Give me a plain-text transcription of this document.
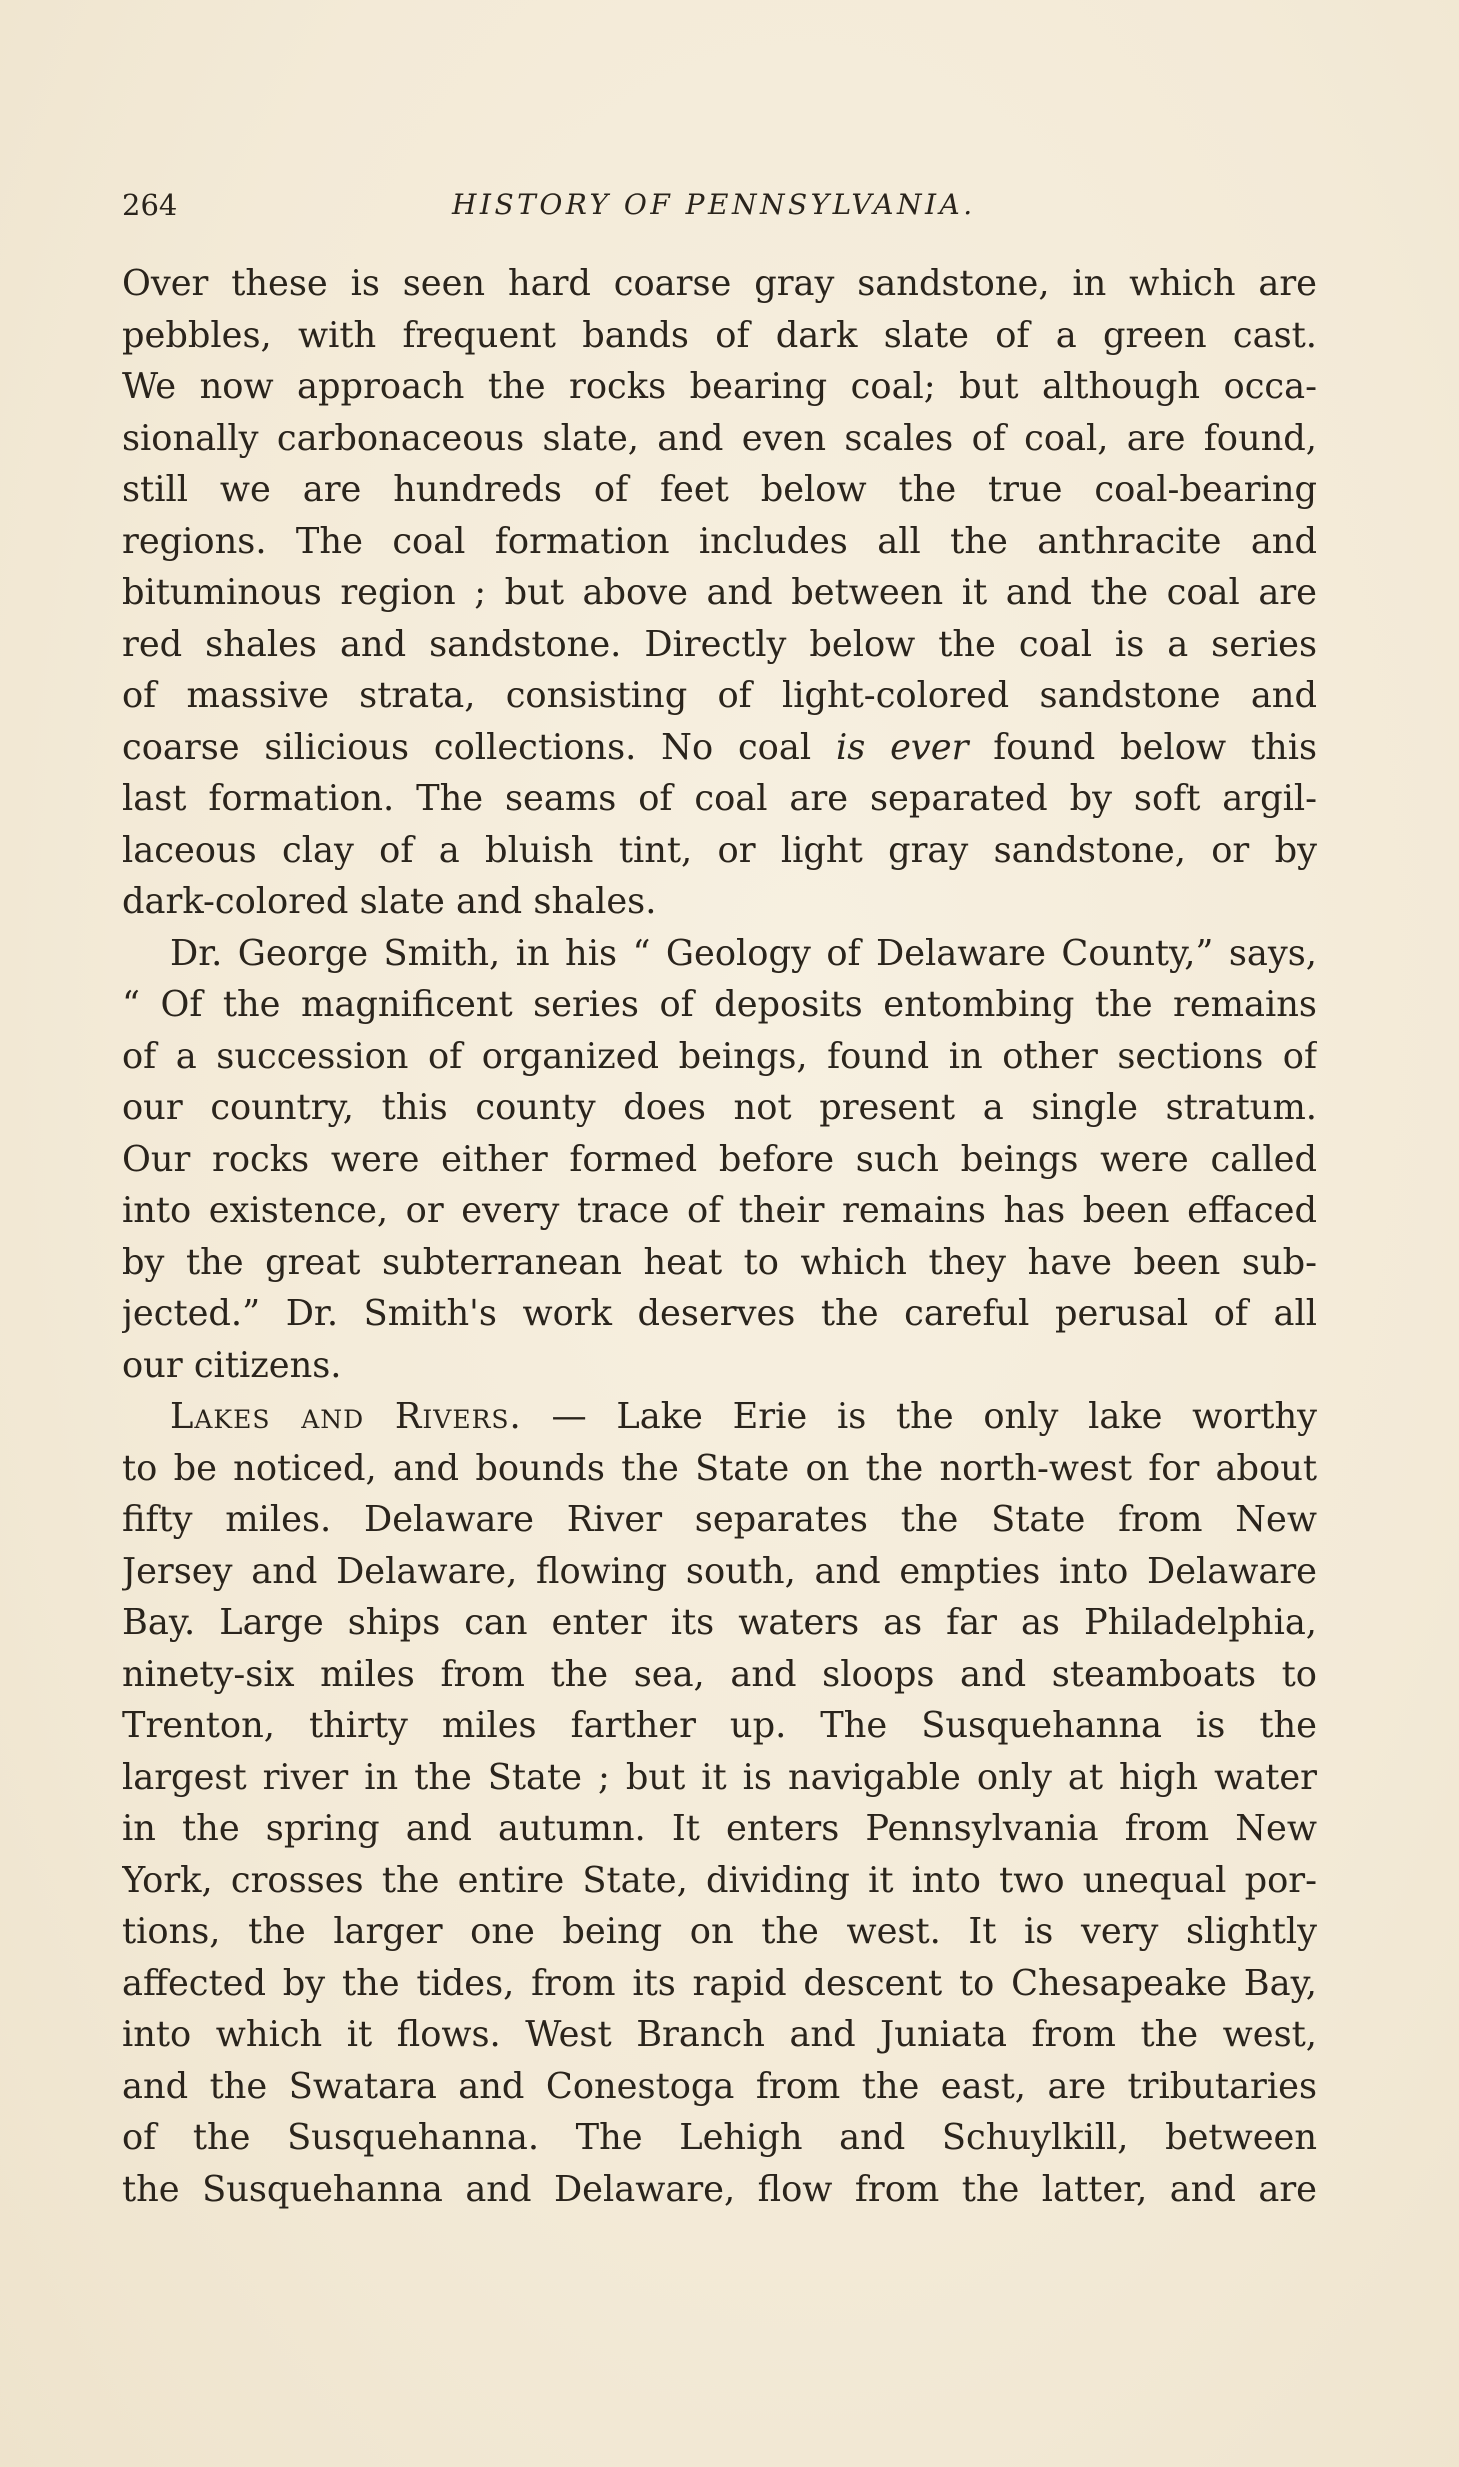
264	HISTORY OF PENNSYLVANIA.
Over these is seen hard coarse gray sandstone, in which are
pebbles, with frequent bands of dark slate of a green cast.
We now approach the rocks bearing coal; but although occa-
sionally carbonaceous slate, and even scales of coal, are found,
still we are hundreds of feet below the true coal-bearing
regions. The coal formation includes all the anthracite and
bituminous region ; but above and between it and the coal are
red shales and sandstone. Directly below the coal is a series
of massive strata, consisting of light-colored sandstone and
coarse silicious collections. No coal is ever found below this
last formation. The seams of coal are separated by soft argil-
laceous clay of a bluish tint, or light gray sandstone, or by
dark-colored slate and shales.
Dr. George Smith, in his “ Geology of Delaware County,” says,
“ Of the magnificent series of deposits entombing the remains
of a succession of organized beings, found in other sections of
our country, this county does not present a single stratum.
Our rocks were either formed before such beings were called
into existence, or every trace of their remains has been effaced
by the great subterranean heat to which they have been sub-
jected.” Dr. Smith's work deserves the careful perusal of all
our citizens.
Lakes and Rivers. — Lake Erie is the only lake worthy
to be noticed, and bounds the State on the north-west for about
fifty miles. Delaware River separates the State from New
Jersey and Delaware, flowing south, and empties into Delaware
Bay. Large ships can enter its waters as far as Philadelphia,
ninety-six miles from the sea, and sloops and steamboats to
Trenton, thirty miles farther up. The Susquehanna is the
largest river in the State ; but it is navigable only at high water
in the spring and autumn. It enters Pennsylvania from New
York, crosses the entire State, dividing it into two unequal por-
tions, the larger one being on the west. It is very slightly
affected by the tides, from its rapid descent to Chesapeake Bay,
into which it flows. West Branch and Juniata from the west,
and the Swatara and Conestoga from the east, are tributaries
of the Susquehanna. The Lehigh and Schuylkill, between
the Susquehanna and Delaware, flow from the latter, and are
